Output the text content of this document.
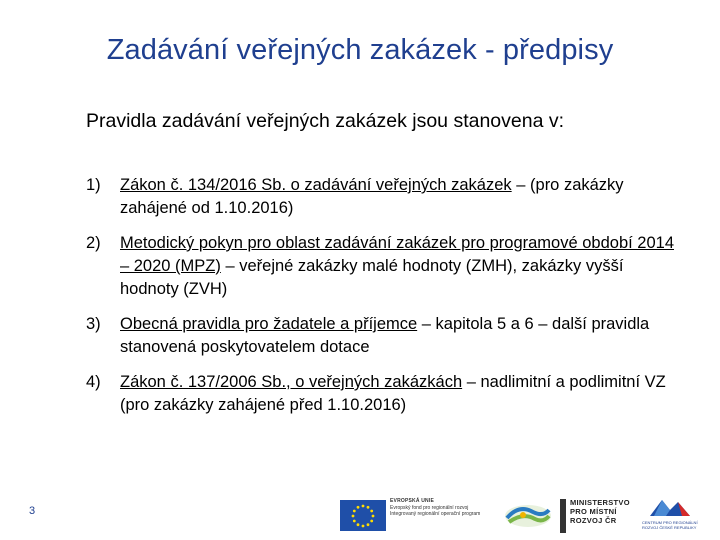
Zadávání veřejných zakázek - předpisy
Pravidla zadávání veřejných zakázek jsou stanovena v:
1) Zákon č. 134/2016 Sb. o zadávání veřejných zakázek – (pro zakázky zahájené od 1.10.2016)
2) Metodický pokyn pro oblast zadávání zakázek pro programové období 2014 – 2020 (MPZ) – veřejné zakázky malé hodnoty (ZMH), zakázky vyšší hodnoty (ZVH)
3) Obecná pravidla pro žadatele a příjemce – kapitola 5 a 6 – další pravidla stanovená poskytovatelem dotace
4) Zákon č. 137/2006 Sb., o veřejných zakázkách – nadlimitní a podlimitní VZ (pro zakázky zahájené před 1.10.2016)
3
EVROPSKÁ UNIE
Evropský fond pro regionální rozvoj
Integrovaný regionální operační program
MINISTERSTVO
PRO MÍSTNÍ
ROZVOJ ČR	CENTRUM PRO REGIONÁLNÍ ROZVOJ ČESKÉ REPUBLIKY
